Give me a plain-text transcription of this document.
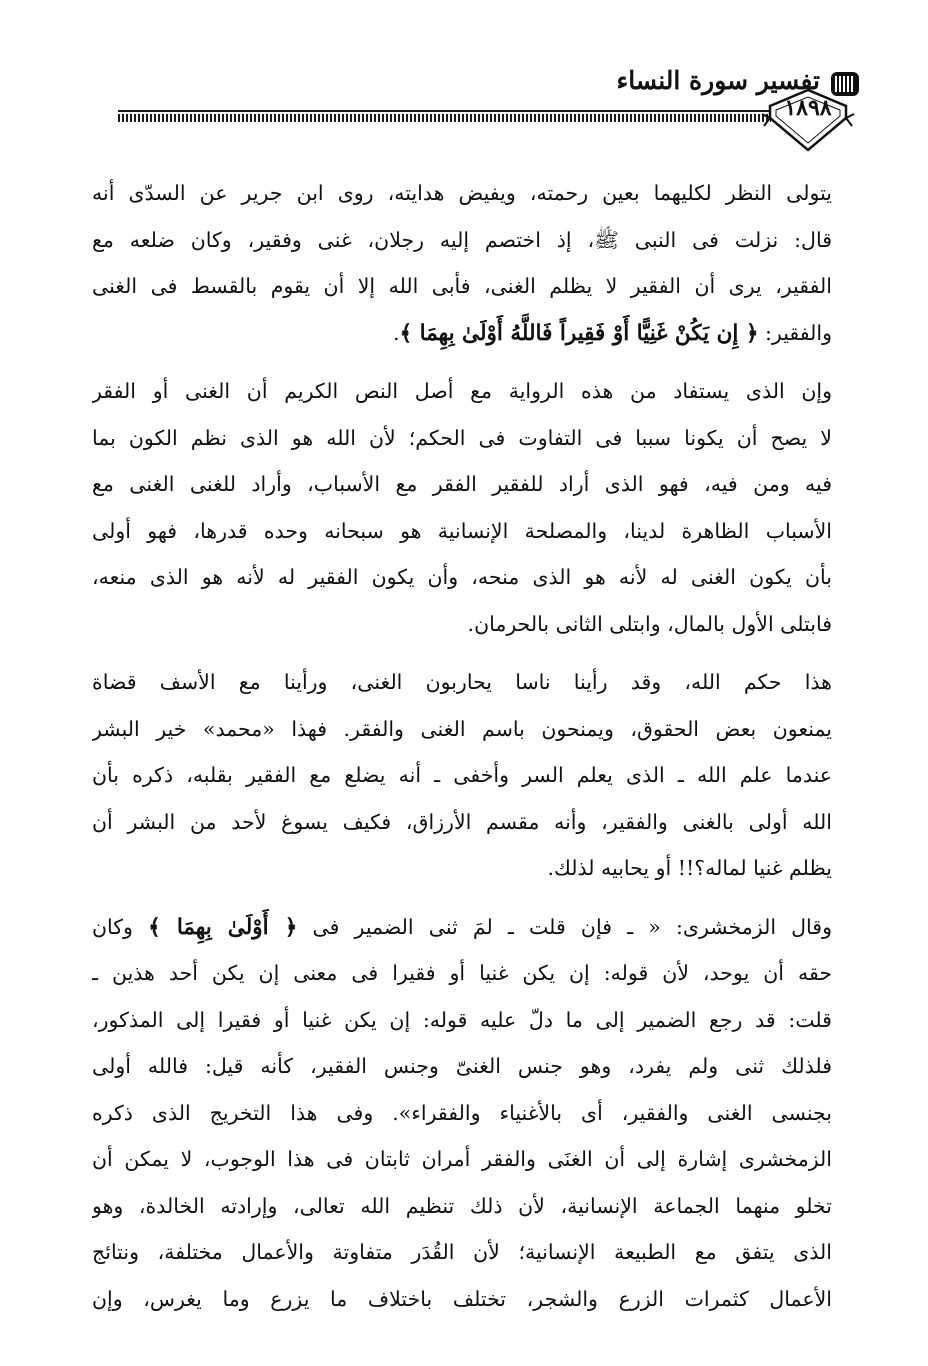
تفسير سورة النساء
١٨٩٨
يتولى النظر لكليهما بعين رحمته، ويفيض هدايته، روى ابن جرير عن السدّى أنه
قال: نزلت فى النبى ﷺ، إذ اختصم إليه رجلان، غنى وفقير، وكان ضلعه مع
الفقير، يرى أن الفقير لا يظلم الغنى، فأبى الله إلا أن يقوم بالقسط فى الغنى
والفقير: ﴿ إِن يَكُنْ غَنِيًّا أَوْ فَقِيراً فَاللَّهُ أَوْلَىٰ بِهِمَا ﴾.
وإن الذى يستفاد من هذه الرواية مع أصل النص الكريم أن الغنى أو الفقر
لا يصح أن يكونا سببا فى التفاوت فى الحكم؛ لأن الله هو الذى نظم الكون بما
فيه ومن فيه، فهو الذى أراد للفقير الفقر مع الأسباب، وأراد للغنى الغنى مع
الأسباب الظاهرة لدينا، والمصلحة الإنسانية هو سبحانه وحده قدرها، فهو أولى
بأن يكون الغنى له لأنه هو الذى منحه، وأن يكون الفقير له لأنه هو الذى منعه،
فابتلى الأول بالمال، وابتلى الثانى بالحرمان.
هذا حكم الله، وقد رأينا ناسا يحاربون الغنى، ورأينا مع الأسف قضاة
يمنعون بعض الحقوق، ويمنحون باسم الغنى والفقر. فهذا «محمد» خير البشر
عندما علم الله ـ الذى يعلم السر وأخفى ـ أنه يضلع مع الفقير بقلبه، ذكره بأن
الله أولى بالغنى والفقير، وأنه مقسم الأرزاق، فكيف يسوغ لأحد من البشر أن
يظلم غنيا لماله؟!! أو يحابيه لذلك.
وقال الزمخشرى: « ـ فإن قلت ـ لمَ ثنى الضمير فى ﴿ أَوْلَىٰ بِهِمَا ﴾ وكان
حقه أن يوحد، لأن قوله: إن يكن غنيا أو فقيرا فى معنى إن يكن أحد هذين ـ
قلت: قد رجع الضمير إلى ما دلّ عليه قوله: إن يكن غنيا أو فقيرا إلى المذكور،
فلذلك ثنى ولم يفرد، وهو جنس الغنىّ وجنس الفقير، كأنه قيل: فالله أولى
بجنسى الغنى والفقير، أى بالأغنياء والفقراء». وفى هذا التخريج الذى ذكره
الزمخشرى إشارة إلى أن الغنَى والفقر أمران ثابتان فى هذا الوجوب، لا يمكن أن
تخلو منهما الجماعة الإنسانية، لأن ذلك تنظيم الله تعالى، وإرادته الخالدة، وهو
الذى يتفق مع الطبيعة الإنسانية؛ لأن القُدَر متفاوتة والأعمال مختلفة، ونتائج
الأعمال كثمرات الزرع والشجر، تختلف باختلاف ما يزرع وما يغرس، وإن
